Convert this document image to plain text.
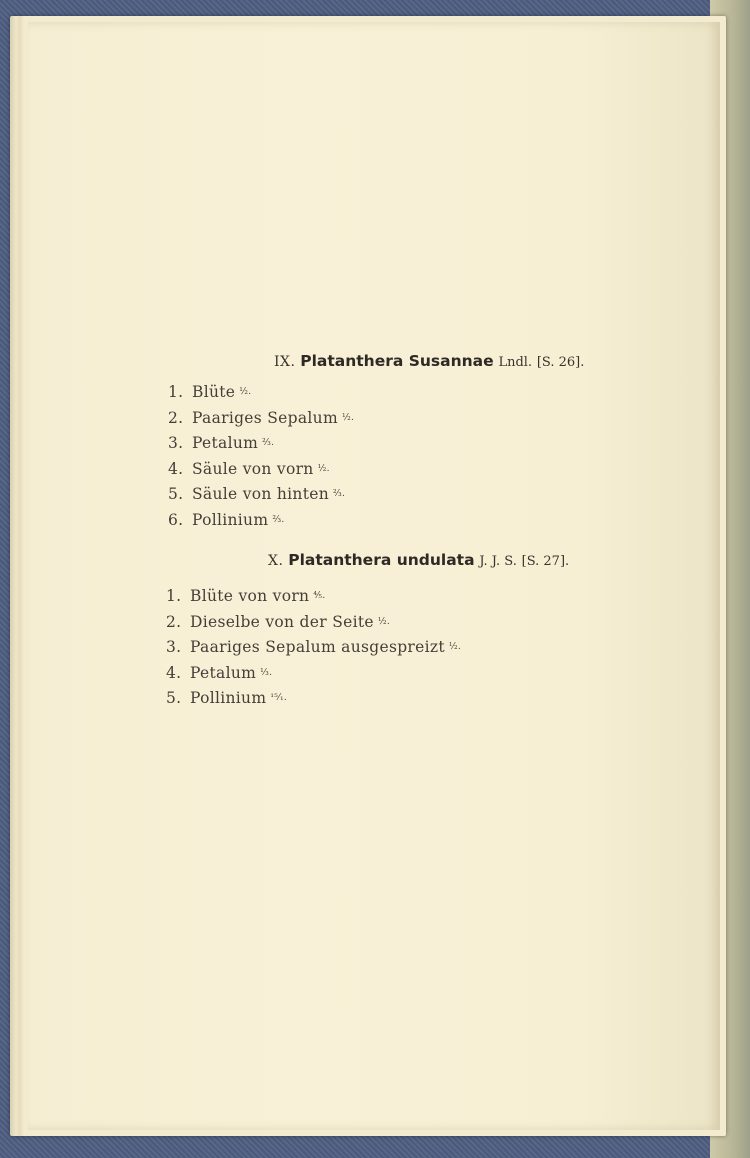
IX. Platanthera Susannae Lndl. [S. 26].
1. Blüte ½.
2. Paariges Sepalum ½.
3. Petalum ⅔.
4. Säule von vorn ½.
5. Säule von hinten ⅔.
6. Pollinium ⅔.
X. Platanthera undulata J. J. S. [S. 27].
1. Blüte von vorn ⅘.
2. Dieselbe von der Seite ½.
3. Paariges Sepalum ausgespreizt ½.
4. Petalum ⅓.
5. Pollinium ¹⁵⁄₁.
